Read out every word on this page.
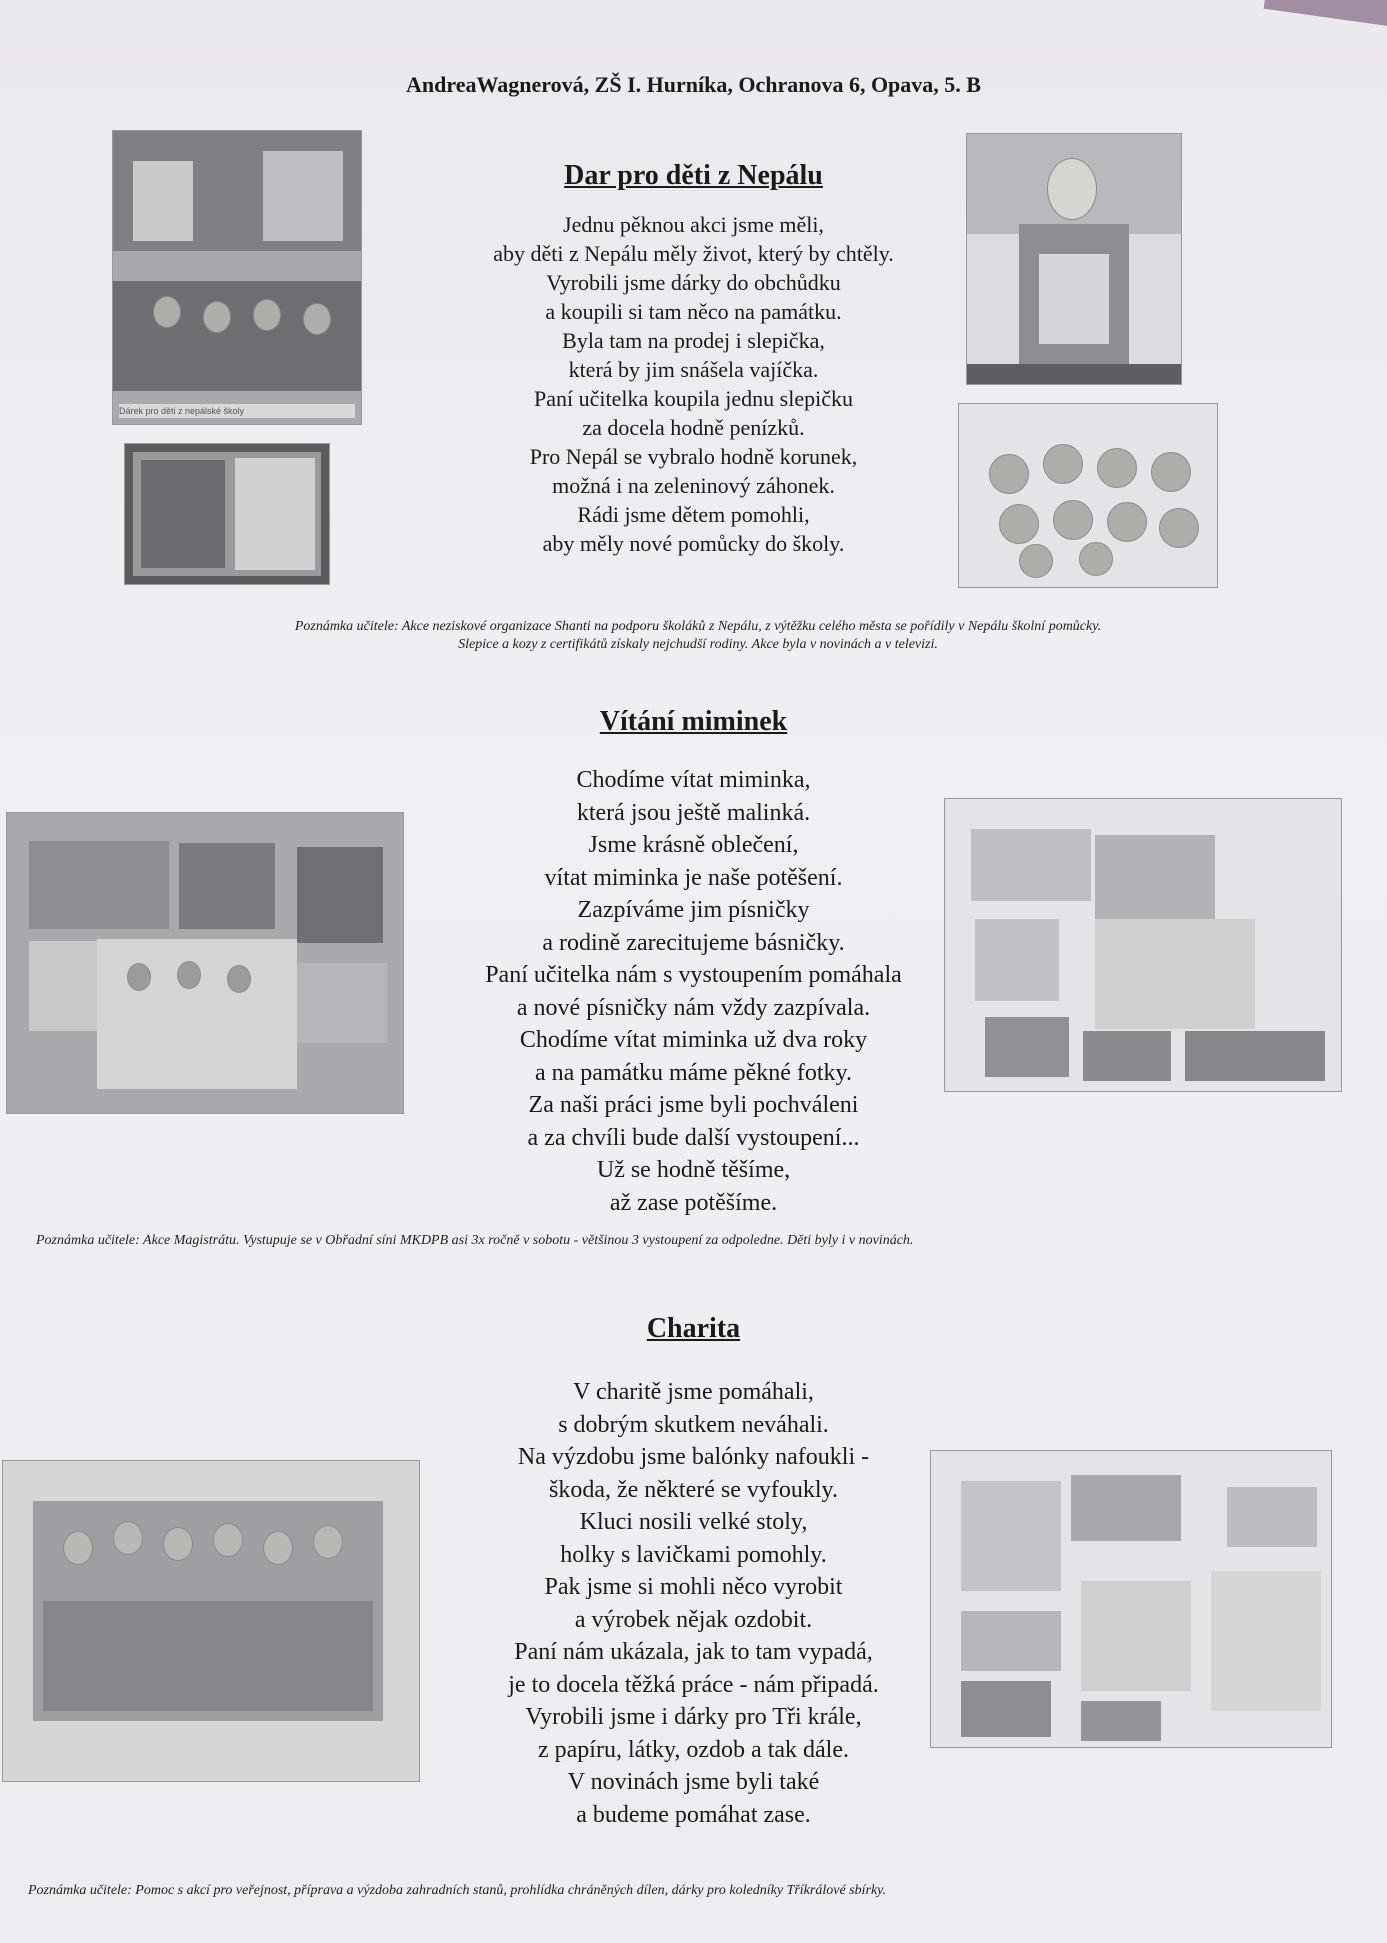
AndreaWagnerová, ZŠ I. Hurníka, Ochranova 6, Opava, 5. B
Dar pro děti z Nepálu
Jednu pěknou akci jsme měli,
aby děti z Nepálu měly život, který by chtěly.
Vyrobili jsme dárky do obchůdku
a koupili si tam něco na památku.
Byla tam na prodej i slepička,
která by jim snášela vajíčka.
Paní učitelka koupila jednu slepičku
za docela hodně penízků.
Pro Nepál se vybralo hodně korunek,
možná i na zeleninový záhonek.
Rádi jsme dětem pomohli,
aby měly nové pomůcky do školy.
Poznámka učitele: Akce neziskové organizace Shanti na podporu školáků z Nepálu, z výtěžku celého města se pořídily v Nepálu školní pomůcky.
Slepice a kozy z certifikátů získaly nejchudší rodiny. Akce byla v novinách a v televizi.
Dárek pro děti z nepálské školy
Vítání miminek
Chodíme vítat miminka,
která jsou ještě malinká.
Jsme krásně oblečení,
vítat miminka je naše potěšení.
Zazpíváme jim písničky
a rodině zarecitujeme básničky.
Paní učitelka nám s vystoupením pomáhala
a nové písničky nám vždy zazpívala.
Chodíme vítat miminka už dva roky
a na památku máme pěkné fotky.
Za naši práci jsme byli pochváleni
a za chvíli bude další vystoupení...
Už se hodně těšíme,
až zase potěšíme.
Poznámka učitele: Akce Magistrátu. Vystupuje se v Obřadní síni MKDPB asi 3x ročně v sobotu - většinou 3 vystoupení za odpoledne. Děti byly i v novinách.
Charita
V charitě jsme pomáhali,
s dobrým skutkem neváhali.
Na výzdobu jsme balónky nafoukli -
škoda, že některé se vyfoukly.
Kluci nosili velké stoly,
holky s lavičkami pomohly.
Pak jsme si mohli něco vyrobit
a výrobek nějak ozdobit.
Paní nám ukázala, jak to tam vypadá,
je to docela těžká práce - nám připadá.
Vyrobili jsme i dárky pro Tři krále,
z papíru, látky, ozdob a tak dále.
V novinách jsme byli také
a budeme pomáhat zase.
Poznámka učitele: Pomoc s akcí pro veřejnost, příprava a výzdoba zahradních stanů, prohlídka chráněných dílen, dárky pro koledníky Tříkrálové sbírky.
